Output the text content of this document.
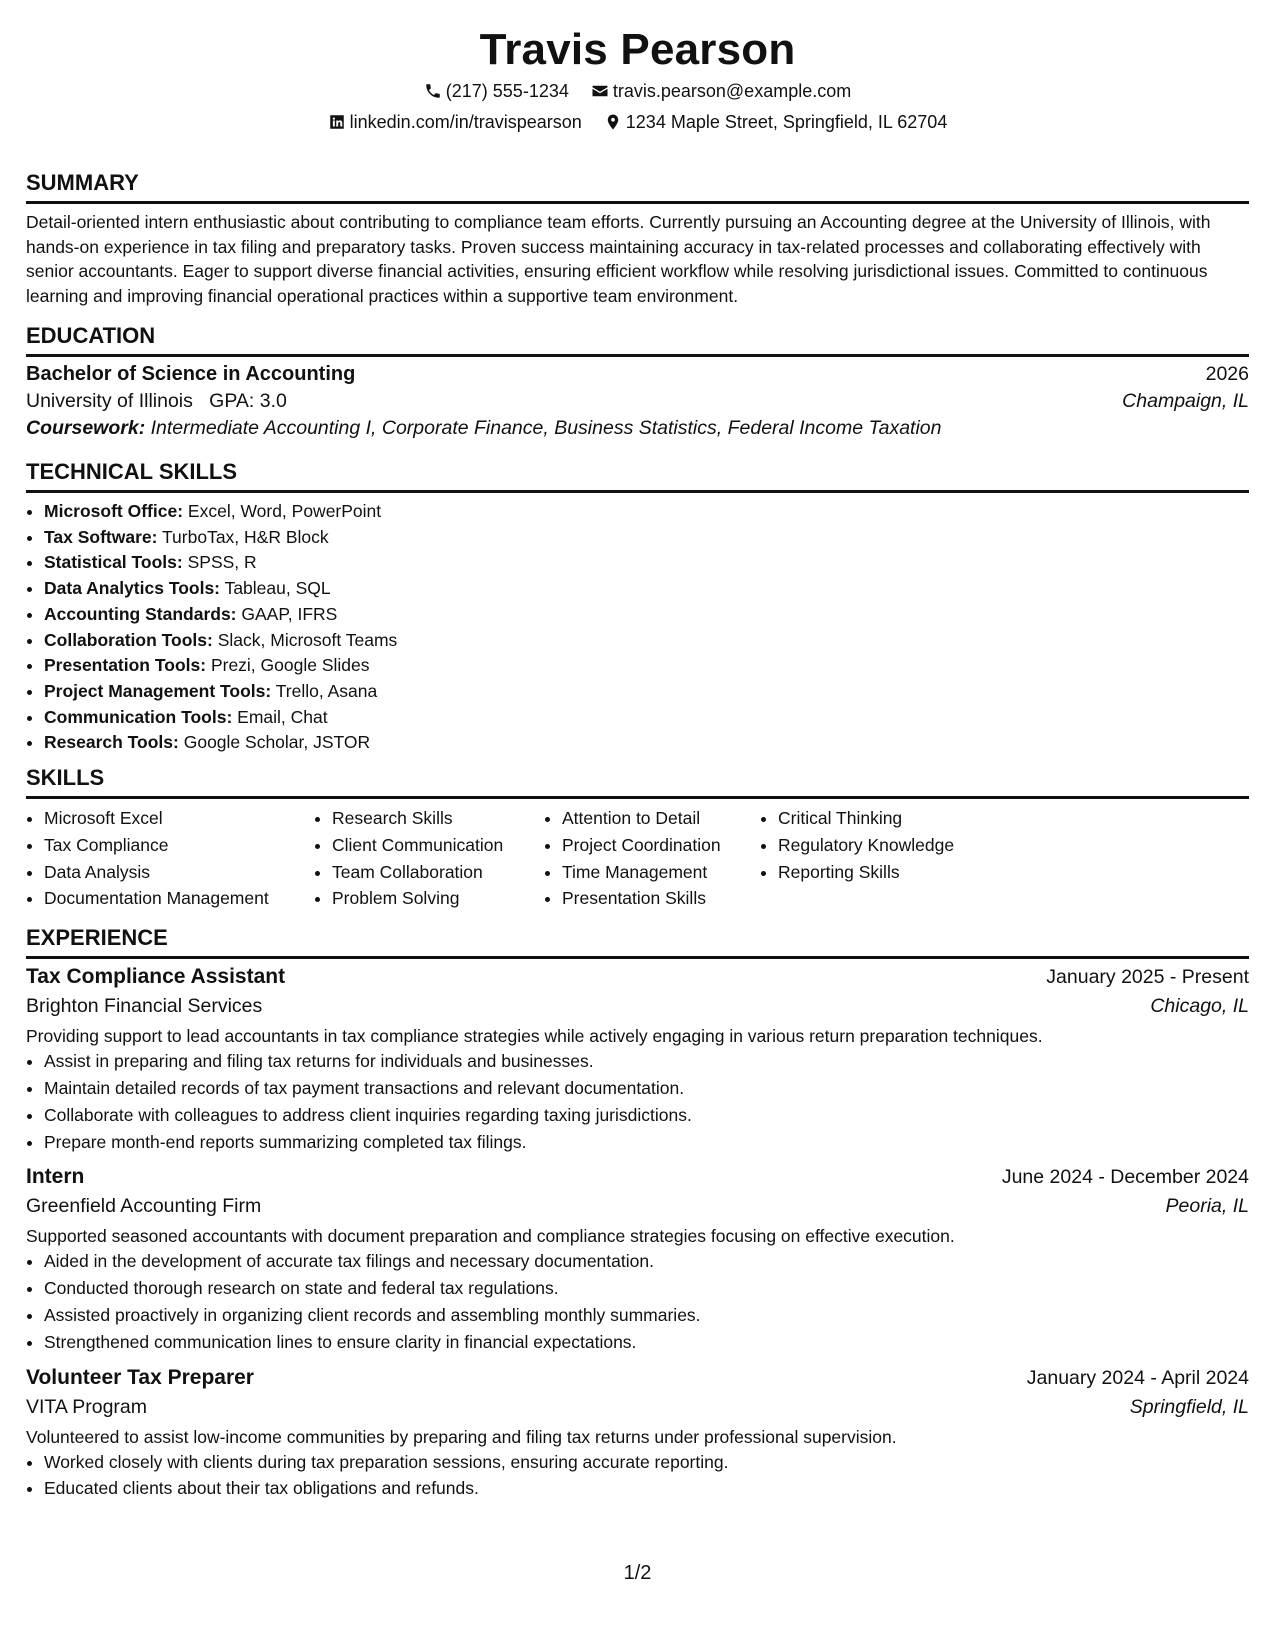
Travis Pearson
(217) 555-1234 travis.pearson@example.com
linkedin.com/in/travispearson 1234 Maple Street, Springfield, IL 62704
SUMMARY

Detail-oriented intern enthusiastic about contributing to compliance team efforts. Currently pursuing an Accounting degree at the University of Illinois, with hands-on experience in tax filing and preparatory tasks. Proven success maintaining accuracy in tax-related processes and collaborating effectively with senior accountants. Eager to support diverse financial activities, ensuring efficient workflow while resolving jurisdictional issues. Committed to continuous learning and improving financial operational practices within a supportive team environment.

EDUCATION
Bachelor of Science in Accounting	2026
University of Illinois GPA: 3.0	Champaign, IL
Coursework: Intermediate Accounting I, Corporate Finance, Business Statistics, Federal Income Taxation
TECHNICAL SKILLS
• Microsoft Office: Excel, Word, PowerPoint
• Tax Software: TurboTax, H&R Block
• Statistical Tools: SPSS, R
• Data Analytics Tools: Tableau, SQL
• Accounting Standards: GAAP, IFRS
• Collaboration Tools: Slack, Microsoft Teams
• Presentation Tools: Prezi, Google Slides
• Project Management Tools: Trello, Asana
• Communication Tools: Email, Chat
• Research Tools: Google Scholar, JSTOR
SKILLS
• Microsoft Excel
• Tax Compliance
• Data Analysis
• Documentation Management
• Research Skills
• Client Communication
• Team Collaboration
• Problem Solving
• Attention to Detail
• Project Coordination
• Time Management
• Presentation Skills
• Critical Thinking
• Regulatory Knowledge
• Reporting Skills
EXPERIENCE
Tax Compliance Assistant	January 2025 - Present
Brighton Financial Services	Chicago, IL
Providing support to lead accountants in tax compliance strategies while actively engaging in various return preparation techniques.
• Assist in preparing and filing tax returns for individuals and businesses.
• Maintain detailed records of tax payment transactions and relevant documentation.
• Collaborate with colleagues to address client inquiries regarding taxing jurisdictions.
• Prepare month-end reports summarizing completed tax filings.
Intern	June 2024 - December 2024
Greenfield Accounting Firm	Peoria, IL
Supported seasoned accountants with document preparation and compliance strategies focusing on effective execution.
• Aided in the development of accurate tax filings and necessary documentation.
• Conducted thorough research on state and federal tax regulations.
• Assisted proactively in organizing client records and assembling monthly summaries.
• Strengthened communication lines to ensure clarity in financial expectations.
Volunteer Tax Preparer	January 2024 - April 2024
VITA Program	Springfield, IL
Volunteered to assist low-income communities by preparing and filing tax returns under professional supervision.
• Worked closely with clients during tax preparation sessions, ensuring accurate reporting.
• Educated clients about their tax obligations and refunds.
1/2
